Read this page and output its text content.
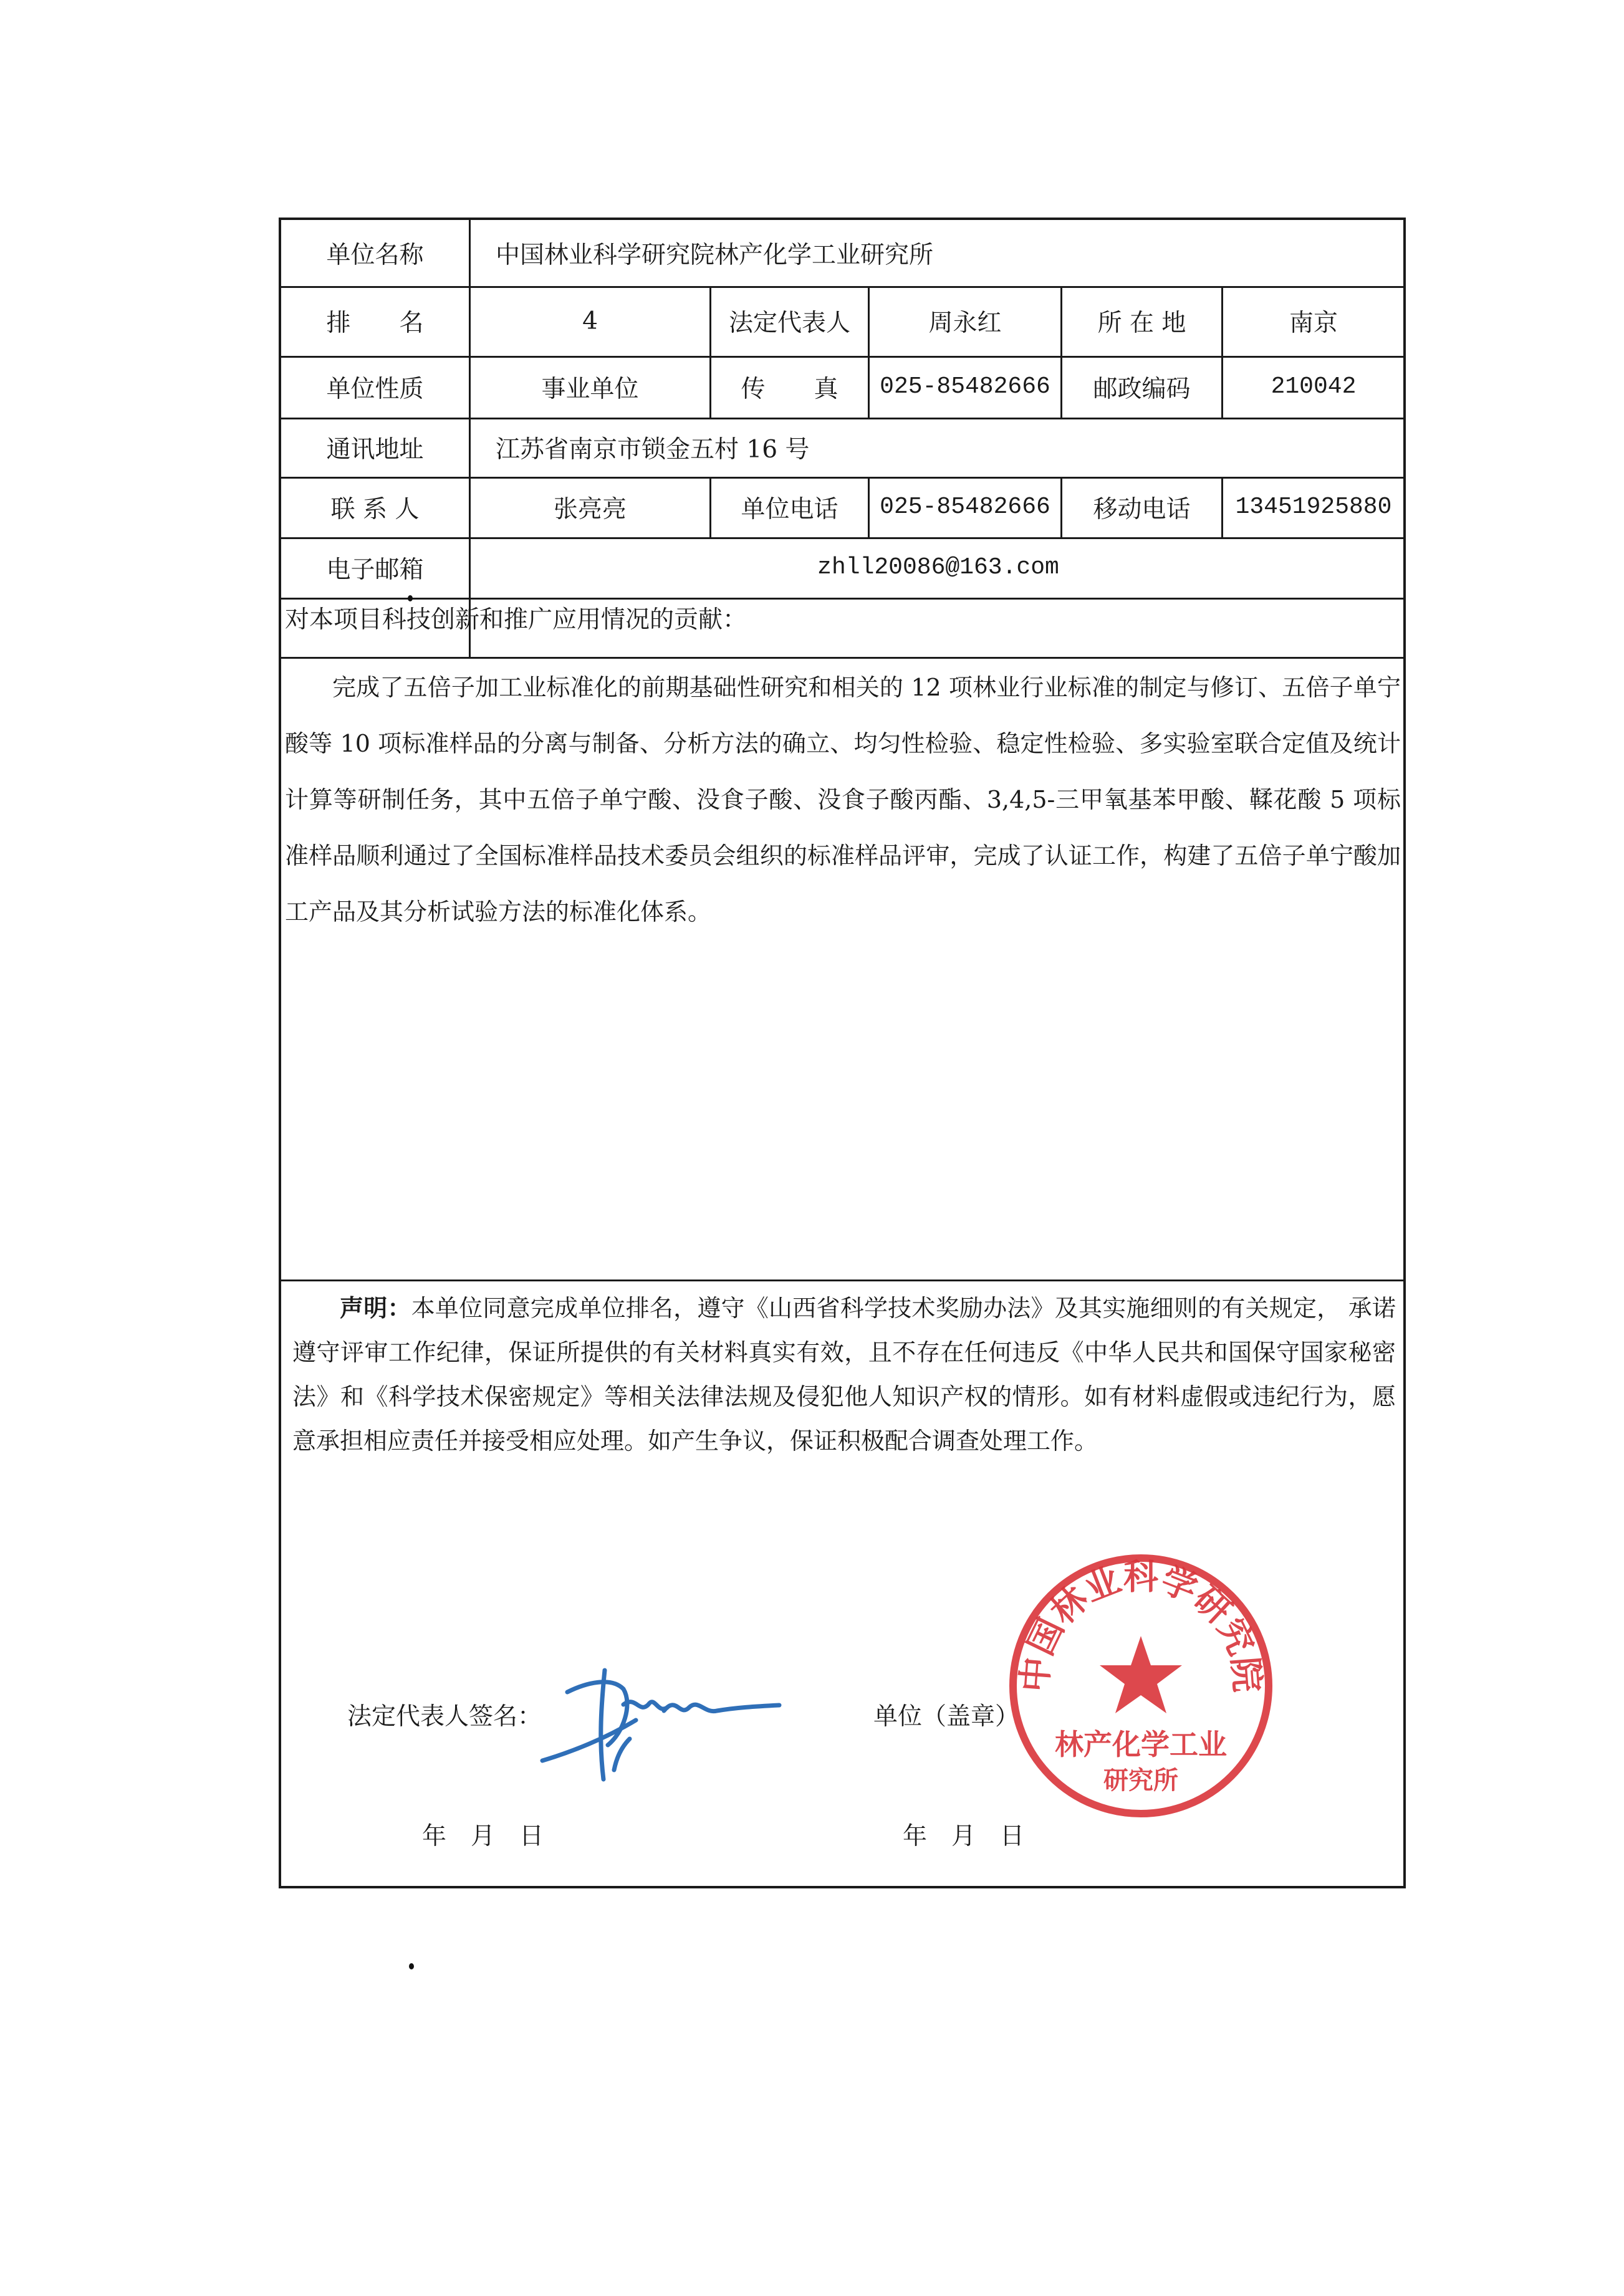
单位名称	中国林业科学研究院林产化学工业研究所
排　　名	4	法定代表人	周永红	所 在 地	南京
单位性质	事业单位	传　　真	025-85482666	邮政编码	210042
通讯地址	江苏省南京市锁金五村 16 号
联 系 人	张亮亮	单位电话	025-85482666	移动电话	13451925880
电子邮箱	zhll20086@163.com
对本项目科技创新和推广应用情况的贡献：

完成了五倍子加工业标准化的前期基础性研究和相关的 12 项林业行业标准的制定与修订、五倍子单宁酸等 10 项标准样品的分离与制备、分析方法的确立、均匀性检验、稳定性检验、多实验室联合定值及统计计算等研制任务，其中五倍子单宁酸、没食子酸、没食子酸丙酯、3,4,5-三甲氧基苯甲酸、鞣花酸 5 项标准样品顺利通过了全国标准样品技术委员会组织的标准样品评审，完成了认证工作，构建了五倍子单宁酸加工产品及其分析试验方法的标准化体系。

声明：本单位同意完成单位排名，遵守《山西省科学技术奖励办法》及其实施细则的有关规定， 承诺遵守评审工作纪律，保证所提供的有关材料真实有效，且不存在任何违反《中华人民共和国保守国家秘密法》和《科学技术保密规定》等相关法律法规及侵犯他人知识产权的情形。如有材料虚假或违纪行为，愿意承担相应责任并接受相应处理。如产生争议，保证积极配合调查处理工作。

法定代表人签名：	单位（盖章）
年　月　日	年　月　日
中国林业科学研究院
林产化学工业
研究所
